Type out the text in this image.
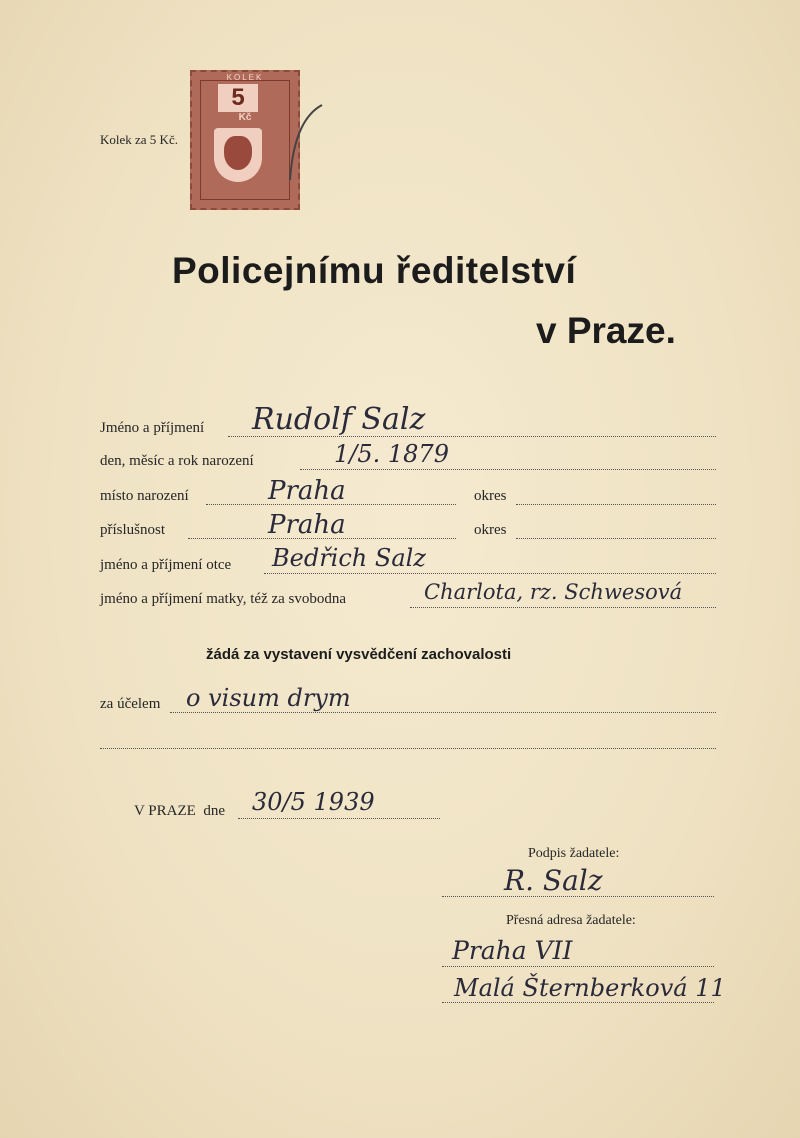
Kolek za 5 Kč.
KOLEK
5
Kč
Policejnímu ředitelství
v Praze.
Jméno a příjmení Rudolf Salz
den, měsíc a rok narození	1/5. 1879
místo narození	Praha	okres
příslušnost	Praha	okres
jméno a příjmení otce Bedřich Salz
jméno a příjmení matky, též za svobodna	Charlota, rz. Schwesová
žádá za vystavení vysvědčení zachovalosti
za účelem o visum drym
V PRAZE  dne 30/5 1939
Podpis žadatele:
R. Salz
Přesná adresa žadatele:
Praha VII
Malá Šternberková 11
